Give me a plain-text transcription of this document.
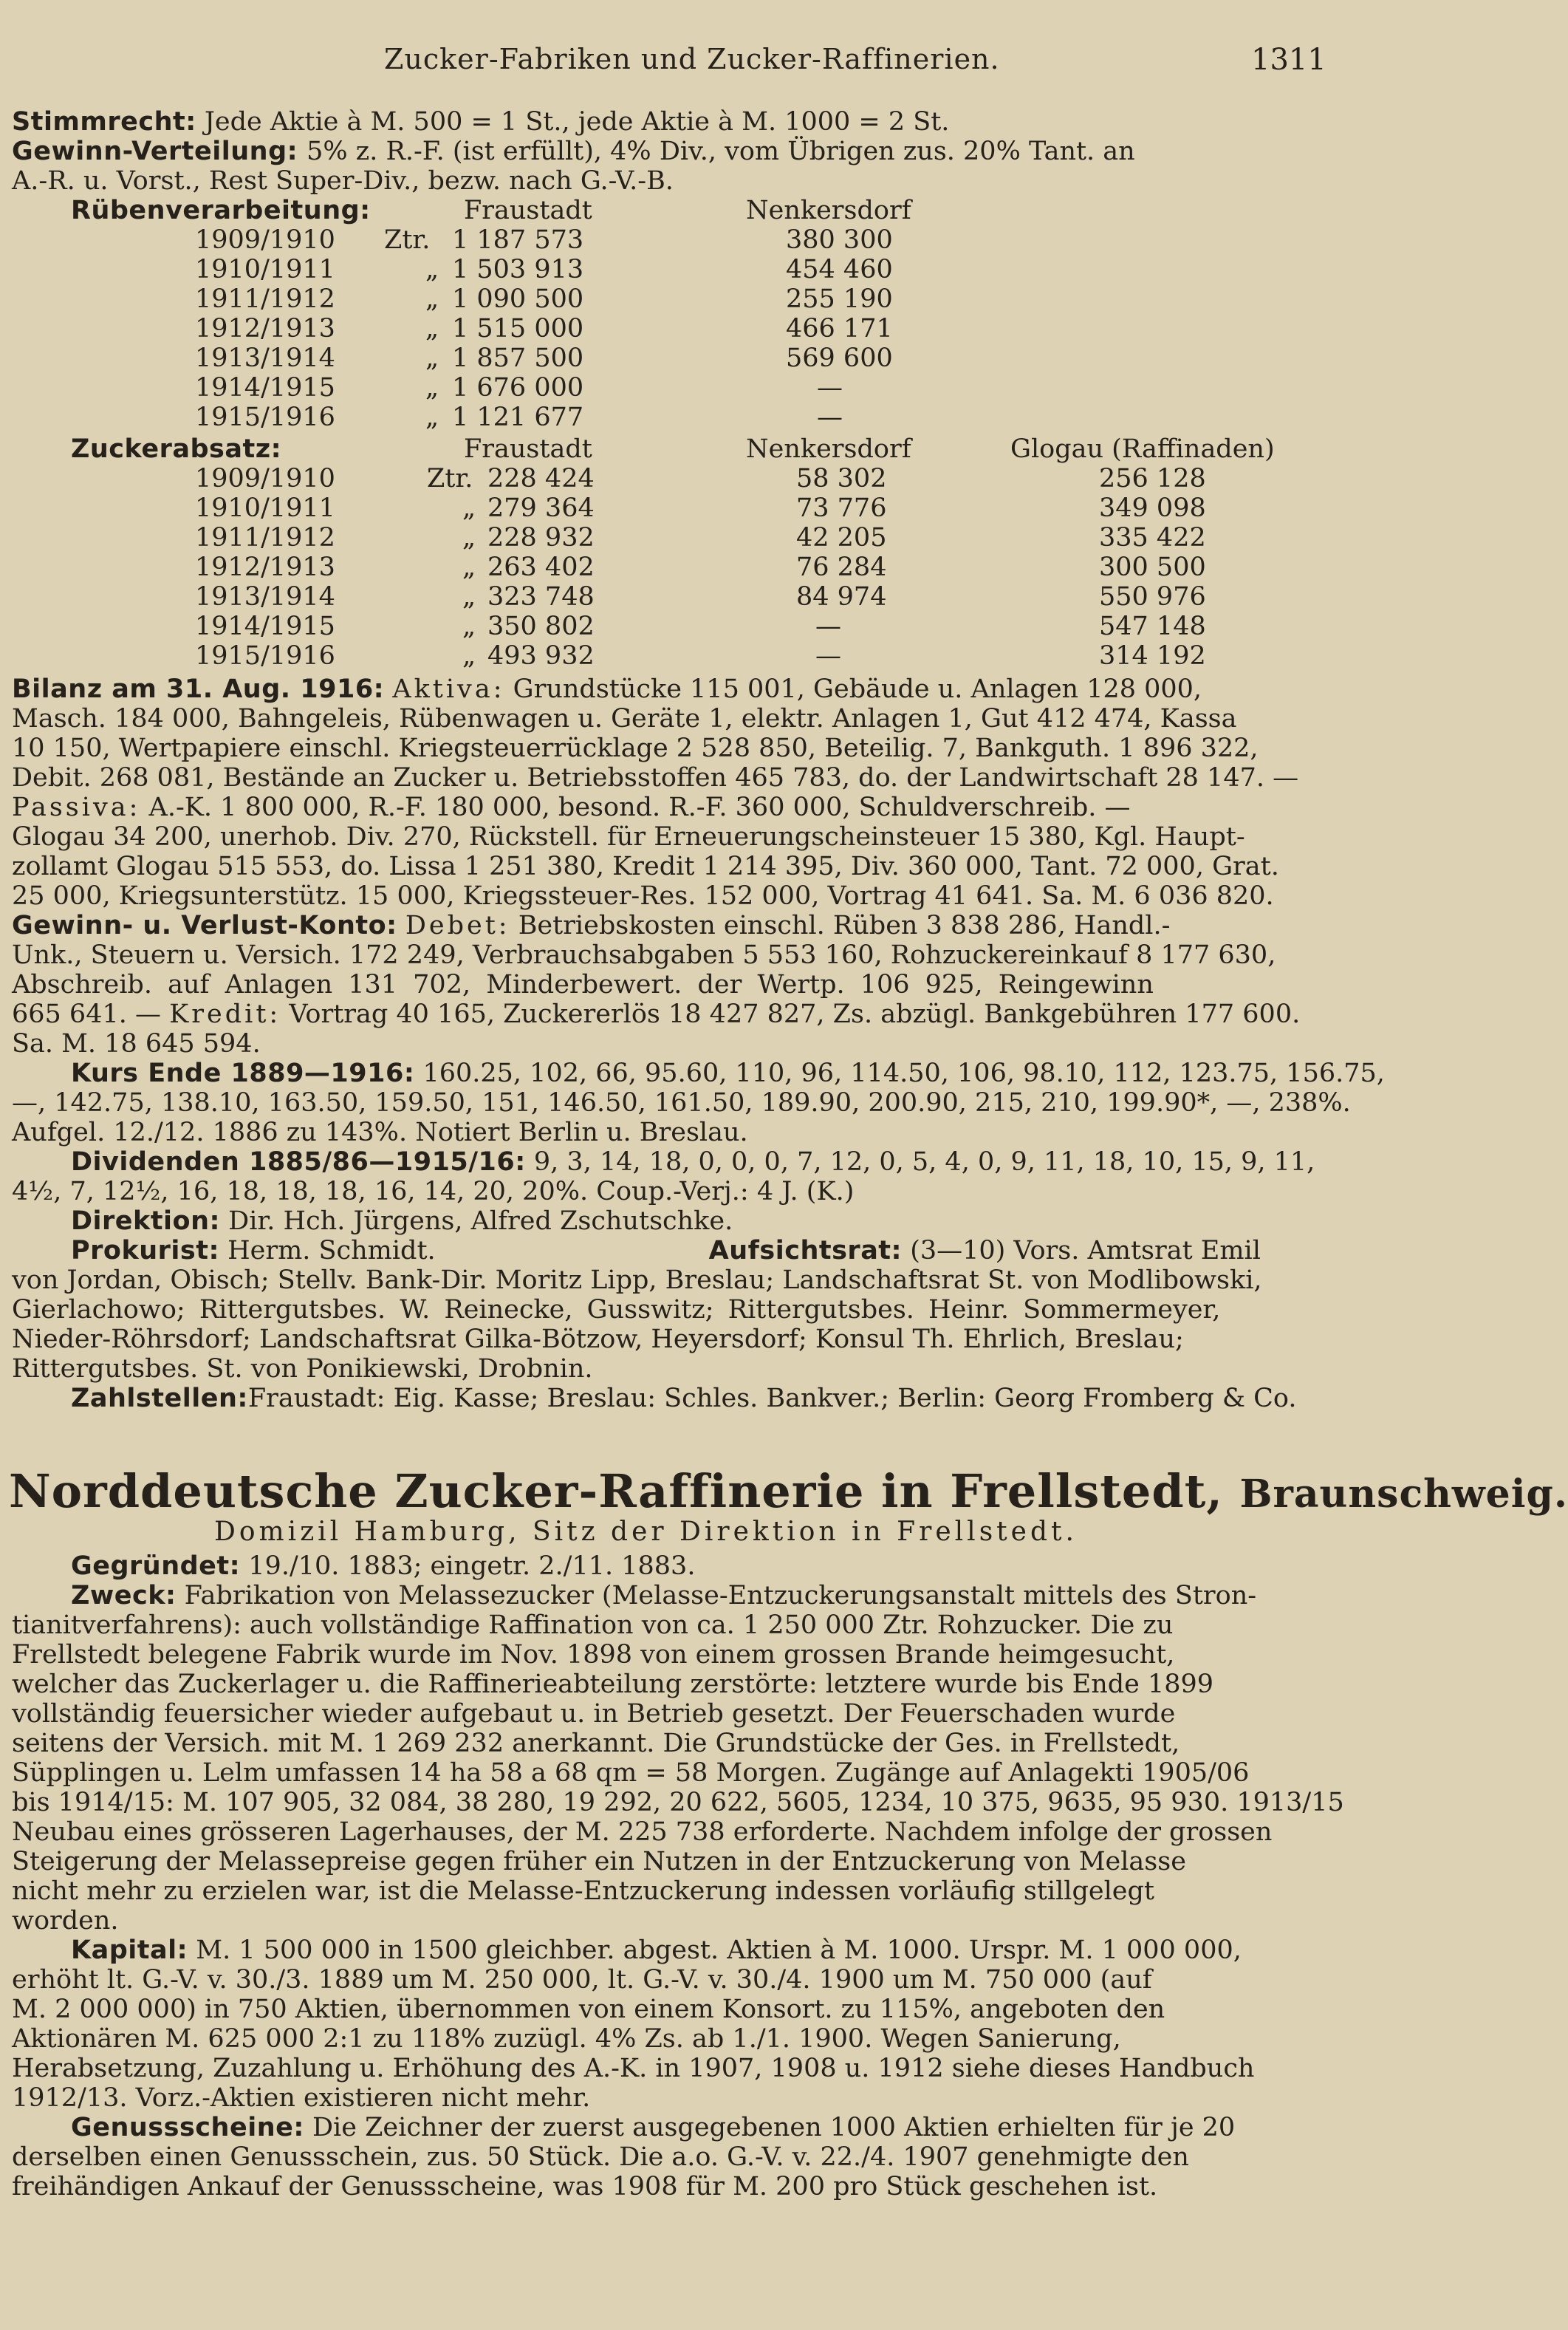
Zucker-Fabriken und Zucker-Raffinerien.	1311
Stimmrecht: Jede Aktie à M. 500 = 1 St., jede Aktie à M. 1000 = 2 St.
Gewinn-Verteilung: 5% z. R.-F. (ist erfüllt), 4% Div., vom Übrigen zus. 20% Tant. an
A.-R. u. Vorst., Rest Super-Div., bezw. nach G.-V.-B.
Rübenverarbeitung:	Fraustadt	Nenkersdorf
1909/1910 Ztr. 1 187 573	380 300
1910/1911	„ 1 503 913	454 460
1911/1912	„ 1 090 500	255 190
1912/1913	„ 1 515 000	466 171
1913/1914	„ 1 857 500	569 600
1914/1915	„ 1 676 000	—
1915/1916	„ 1 121 677	—
Zuckerabsatz:	Fraustadt	Nenkersdorf	Glogau (Raffinaden)
1909/1910	Ztr. 228 424	58 302	256 128
1910/1911	„ 279 364	73 776	349 098
1911/1912	„ 228 932	42 205	335 422
1912/1913	„ 263 402	76 284	300 500
1913/1914	„ 323 748	84 974	550 976
1914/1915	„ 350 802	—	547 148
1915/1916	„ 493 932	—	314 192
Bilanz am 31. Aug. 1916: Aktiva: Grundstücke 115 001, Gebäude u. Anlagen 128 000,
Masch. 184 000, Bahngeleis, Rübenwagen u. Geräte 1, elektr. Anlagen 1, Gut 412 474, Kassa
10 150, Wertpapiere einschl. Kriegsteuerrücklage 2 528 850, Beteilig. 7, Bankguth. 1 896 322,
Debit. 268 081, Bestände an Zucker u. Betriebsstoffen 465 783, do. der Landwirtschaft 28 147. —
Passiva: A.-K. 1 800 000, R.-F. 180 000, besond. R.-F. 360 000, Schuldverschreib. —
Glogau 34 200, unerhob. Div. 270, Rückstell. für Erneuerungscheinsteuer 15 380, Kgl. Haupt-
zollamt Glogau 515 553, do. Lissa 1 251 380, Kredit 1 214 395, Div. 360 000, Tant. 72 000, Grat.
25 000, Kriegsunterstütz. 15 000, Kriegssteuer-Res. 152 000, Vortrag 41 641. Sa. M. 6 036 820.
Gewinn- u. Verlust-Konto: Debet: Betriebskosten einschl. Rüben 3 838 286, Handl.-
Unk., Steuern u. Versich. 172 249, Verbrauchsabgaben 5 553 160, Rohzuckereinkauf 8 177 630,
Abschreib. auf Anlagen 131 702, Minderbewert. der Wertp. 106 925, Reingewinn
665 641. — Kredit: Vortrag 40 165, Zuckererlös 18 427 827, Zs. abzügl. Bankgebühren 177 600.
Sa. M. 18 645 594.
Kurs Ende 1889—1916: 160.25, 102, 66, 95.60, 110, 96, 114.50, 106, 98.10, 112, 123.75, 156.75,
—, 142.75, 138.10, 163.50, 159.50, 151, 146.50, 161.50, 189.90, 200.90, 215, 210, 199.90*, —, 238%.
Aufgel. 12./12. 1886 zu 143%. Notiert Berlin u. Breslau.
Dividenden 1885/86—1915/16: 9, 3, 14, 18, 0, 0, 0, 7, 12, 0, 5, 4, 0, 9, 11, 18, 10, 15, 9, 11,
4½, 7, 12½, 16, 18, 18, 18, 16, 14, 20, 20%. Coup.-Verj.: 4 J. (K.)
Direktion: Dir. Hch. Jürgens, Alfred Zschutschke.
Prokurist: Herm. Schmidt.	Aufsichtsrat: (3—10) Vors. Amtsrat Emil
von Jordan, Obisch; Stellv. Bank-Dir. Moritz Lipp, Breslau; Landschaftsrat St. von Modlibowski,
Gierlachowo; Rittergutsbes. W. Reinecke, Gusswitz; Rittergutsbes. Heinr. Sommermeyer,
Nieder-Röhrsdorf; Landschaftsrat Gilka-Bötzow, Heyersdorf; Konsul Th. Ehrlich, Breslau;
Rittergutsbes. St. von Ponikiewski, Drobnin.
Zahlstellen:Fraustadt: Eig. Kasse; Breslau: Schles. Bankver.; Berlin: Georg Fromberg & Co.
Norddeutsche Zucker-Raffinerie in Frellstedt, Braunschweig.
Domizil Hamburg, Sitz der Direktion in Frellstedt.
Gegründet: 19./10. 1883; eingetr. 2./11. 1883.
Zweck: Fabrikation von Melassezucker (Melasse-Entzuckerungsanstalt mittels des Stron-
tianitverfahrens): auch vollständige Raffination von ca. 1 250 000 Ztr. Rohzucker. Die zu
Frellstedt belegene Fabrik wurde im Nov. 1898 von einem grossen Brande heimgesucht,
welcher das Zuckerlager u. die Raffinerieabteilung zerstörte: letztere wurde bis Ende 1899
vollständig feuersicher wieder aufgebaut u. in Betrieb gesetzt. Der Feuerschaden wurde
seitens der Versich. mit M. 1 269 232 anerkannt. Die Grundstücke der Ges. in Frellstedt,
Süpplingen u. Lelm umfassen 14 ha 58 a 68 qm = 58 Morgen. Zugänge auf Anlagekti 1905/06
bis 1914/15: M. 107 905, 32 084, 38 280, 19 292, 20 622, 5605, 1234, 10 375, 9635, 95 930. 1913/15
Neubau eines grösseren Lagerhauses, der M. 225 738 erforderte. Nachdem infolge der grossen
Steigerung der Melassepreise gegen früher ein Nutzen in der Entzuckerung von Melasse
nicht mehr zu erzielen war, ist die Melasse-Entzuckerung indessen vorläufig stillgelegt
worden.
Kapital: M. 1 500 000 in 1500 gleichber. abgest. Aktien à M. 1000. Urspr. M. 1 000 000,
erhöht lt. G.-V. v. 30./3. 1889 um M. 250 000, lt. G.-V. v. 30./4. 1900 um M. 750 000 (auf
M. 2 000 000) in 750 Aktien, übernommen von einem Konsort. zu 115%, angeboten den
Aktionären M. 625 000 2:1 zu 118% zuzügl. 4% Zs. ab 1./1. 1900. Wegen Sanierung,
Herabsetzung, Zuzahlung u. Erhöhung des A.-K. in 1907, 1908 u. 1912 siehe dieses Handbuch
1912/13. Vorz.-Aktien existieren nicht mehr.
Genussscheine: Die Zeichner der zuerst ausgegebenen 1000 Aktien erhielten für je 20
derselben einen Genussschein, zus. 50 Stück. Die a.o. G.-V. v. 22./4. 1907 genehmigte den
freihändigen Ankauf der Genussscheine, was 1908 für M. 200 pro Stück geschehen ist.
